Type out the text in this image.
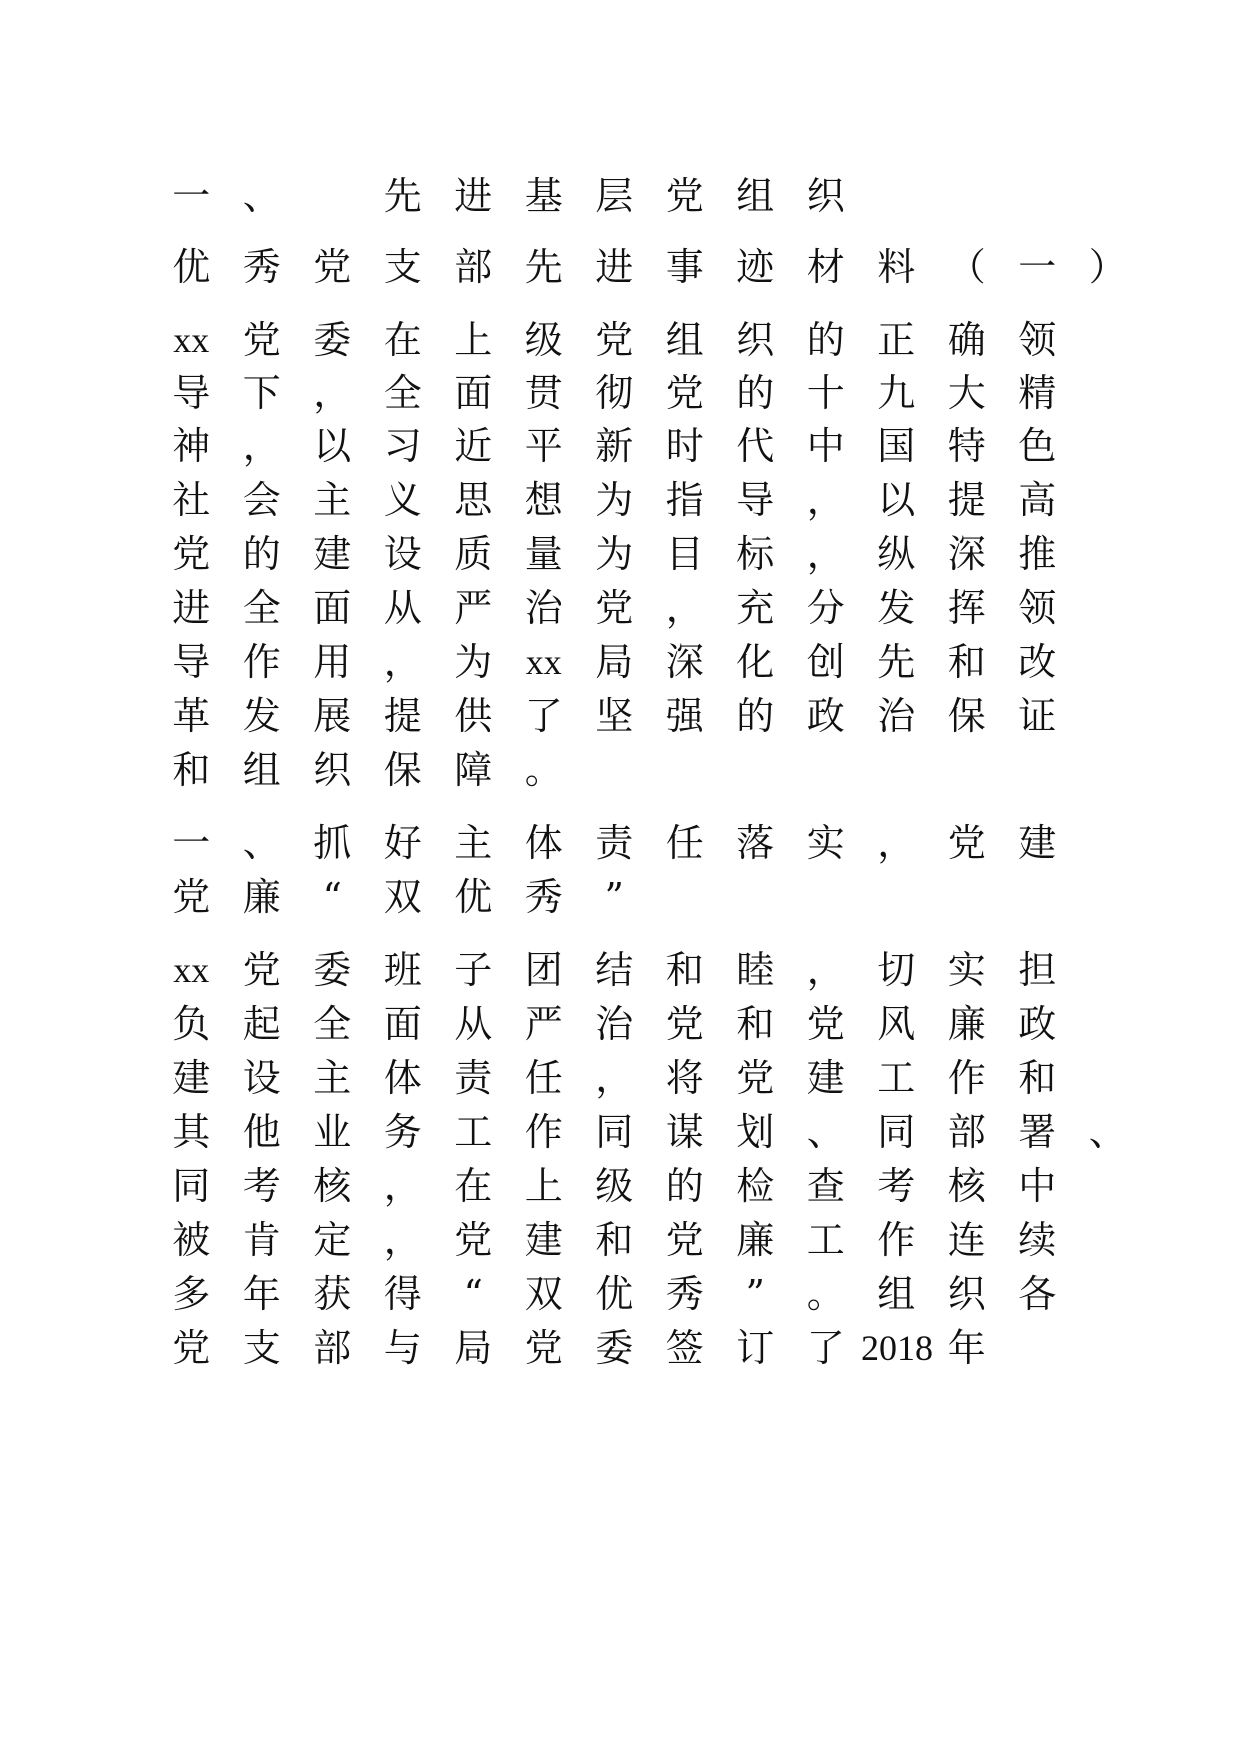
一 、	先 进 基 层 党 组 织
优 秀 党 支 部 先 进 事 迹 材 料 （ 一 ）
xx 党 委 在 上 级 党 组 织 的 正 确 领
导 下 ， 全 面 贯 彻 党 的 十 九 大 精
神 ， 以 习 近 平 新 时 代 中 国 特 色
社 会 主 义 思 想 为 指 导 ， 以 提 高
党 的 建 设 质 量 为 目 标 ， 纵 深 推
进 全 面 从 严 治 党 ， 充 分 发 挥 领
导 作 用 ， 为 xx 局 深 化 创 先 和 改
革 发 展 提 供 了 坚 强 的 政 治 保 证
和 组 织 保 障 。
一 、 抓 好 主 体 责 任 落 实 ， 党 建
党 廉	“	双 优 秀	”
xx 党 委 班 子 团 结 和 睦 ， 切 实 担
负 起 全 面 从 严 治 党 和 党 风 廉 政
建 设 主 体 责 任 ， 将 党 建 工 作 和
其 他 业 务 工 作 同 谋 划 、 同 部 署 、
同 考 核 ， 在 上 级 的 检 查 考 核 中
被 肯 定 ， 党 建 和 党 廉 工 作 连 续
多 年 获 得	“	双 优 秀	”	。 组 织 各
党 支 部 与 局 党 委 签 订 了 2018 年
